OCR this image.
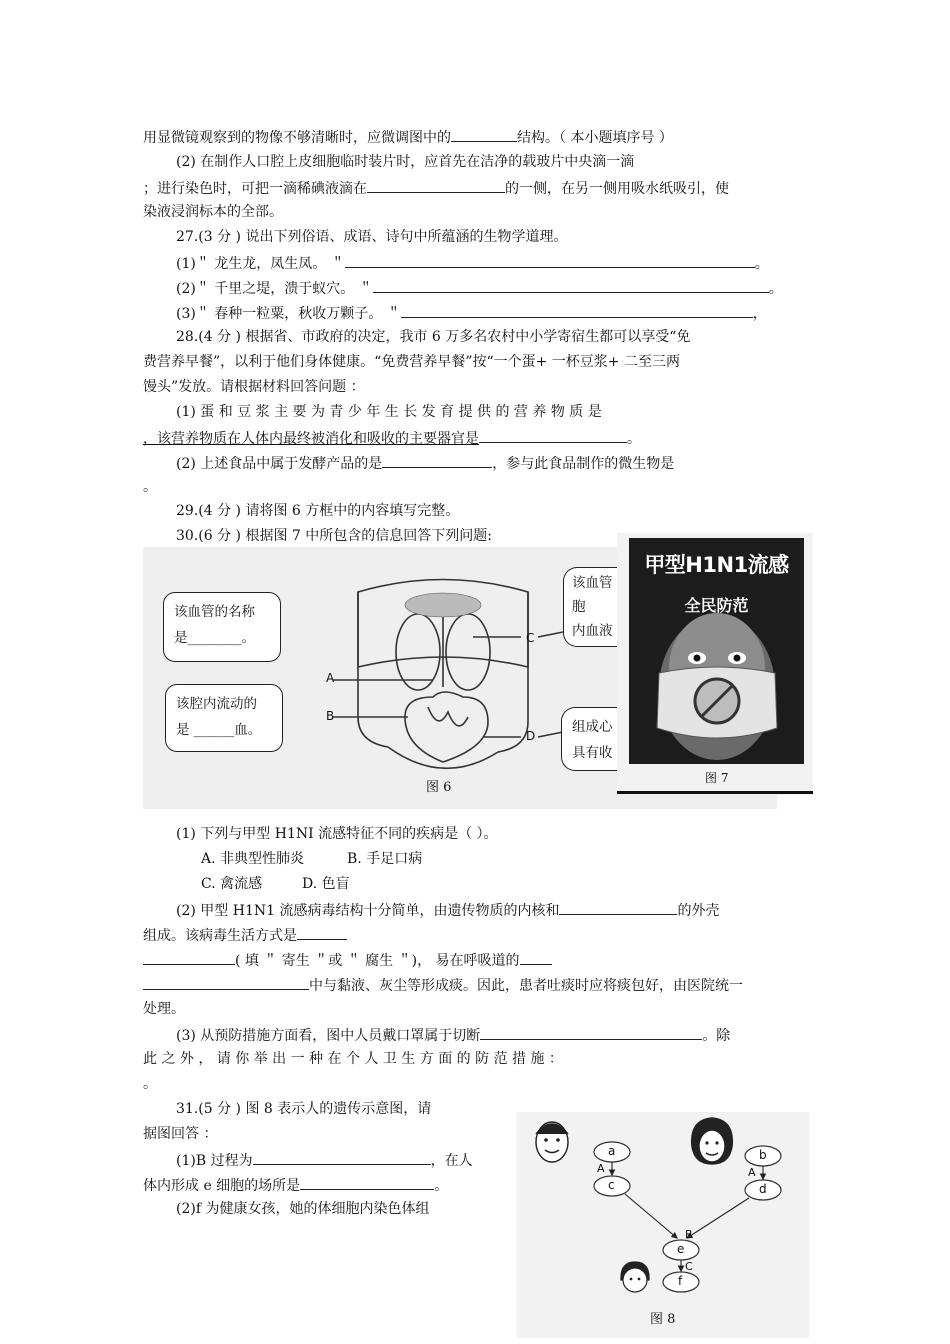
用显微镜观察到的物像不够清晰时，应微调图中的	结构。（ 本小题填序号 ）
(2) 在制作人口腔上皮细胞临时装片时，应首先在洁净的载玻片中央滴一滴
；进行染色时，可把一滴稀碘液滴在	的一侧，在另一侧用吸水纸吸引，使
染液浸润标本的全部。
27.(3 分 ) 说出下列俗语、成语、诗句中所蕴涵的生物学道理。
(1)＂ 龙生龙，凤生凤。 ＂	。
(2)＂ 千里之堤，溃于蚁穴。 ＂	。
(3)＂ 春种一粒粟，秋收万颗子。 ＂	，
28.(4 分 ) 根据省、市政府的决定，我市 6 万多名农村中小学寄宿生都可以享受“免
费营养早餐”，以利于他们身体健康。“免费营养早餐”按“一个蛋+ 一杯豆浆+ 二至三两
馒头”发放。请根据材料回答问题 ：
(1) 蛋 和 豆 浆 主 要 为 青 少 年 生 长 发 育 提 供 的 营 养 物 质 是
，该营养物质在人体内最终被消化和吸收的主要器官是	。
(2) 上述食品中属于发酵产品的是	，参与此食品制作的微生物是
。
29.(4 分 ) 请将图 6 方框中的内容填写完整。
30.(6 分 ) 根据图 7 中所包含的信息回答下列问题:
该血管的名称
是________。
该腔内流动的
是 ______血。
该血管
胞
内血液
组成心
具有收
A
B
C
D
图 6
甲型H1N1流感
全民防范
图 7
(1) 下列与甲型 H1NI 流感特征不同的疾病是（ ）。
A. 非典型性肺炎	B. 手足口病
C. 禽流感	D. 色盲
(2) 甲型 H1N1 流感病毒结构十分简单，由遗传物质的内核和	的外壳
组成。该病毒生活方式是
( 填 ＂ 寄生 ＂或 ＂ 腐生 ＂)， 易在呼吸道的
中与黏液、灰尘等形成痰。因此，患者吐痰时应将痰包好，由医院统一
处理。
(3) 从预防措施方面看，图中人员戴口罩属于切断	。除
此 之 外 ， 请 你 举 出 一 种 在 个 人 卫 生 方 面 的 防 范 措 施 ：
。
31.(5 分 ) 图 8 表示人的遗传示意图，请
据图回答 ：
(1)B 过程为	，在人
体内形成 e 细胞的场所是	。
(2)f 为健康女孩，她的体细胞内染色体组
a	b
c	d
e
f
A	A
B
C
图 8
